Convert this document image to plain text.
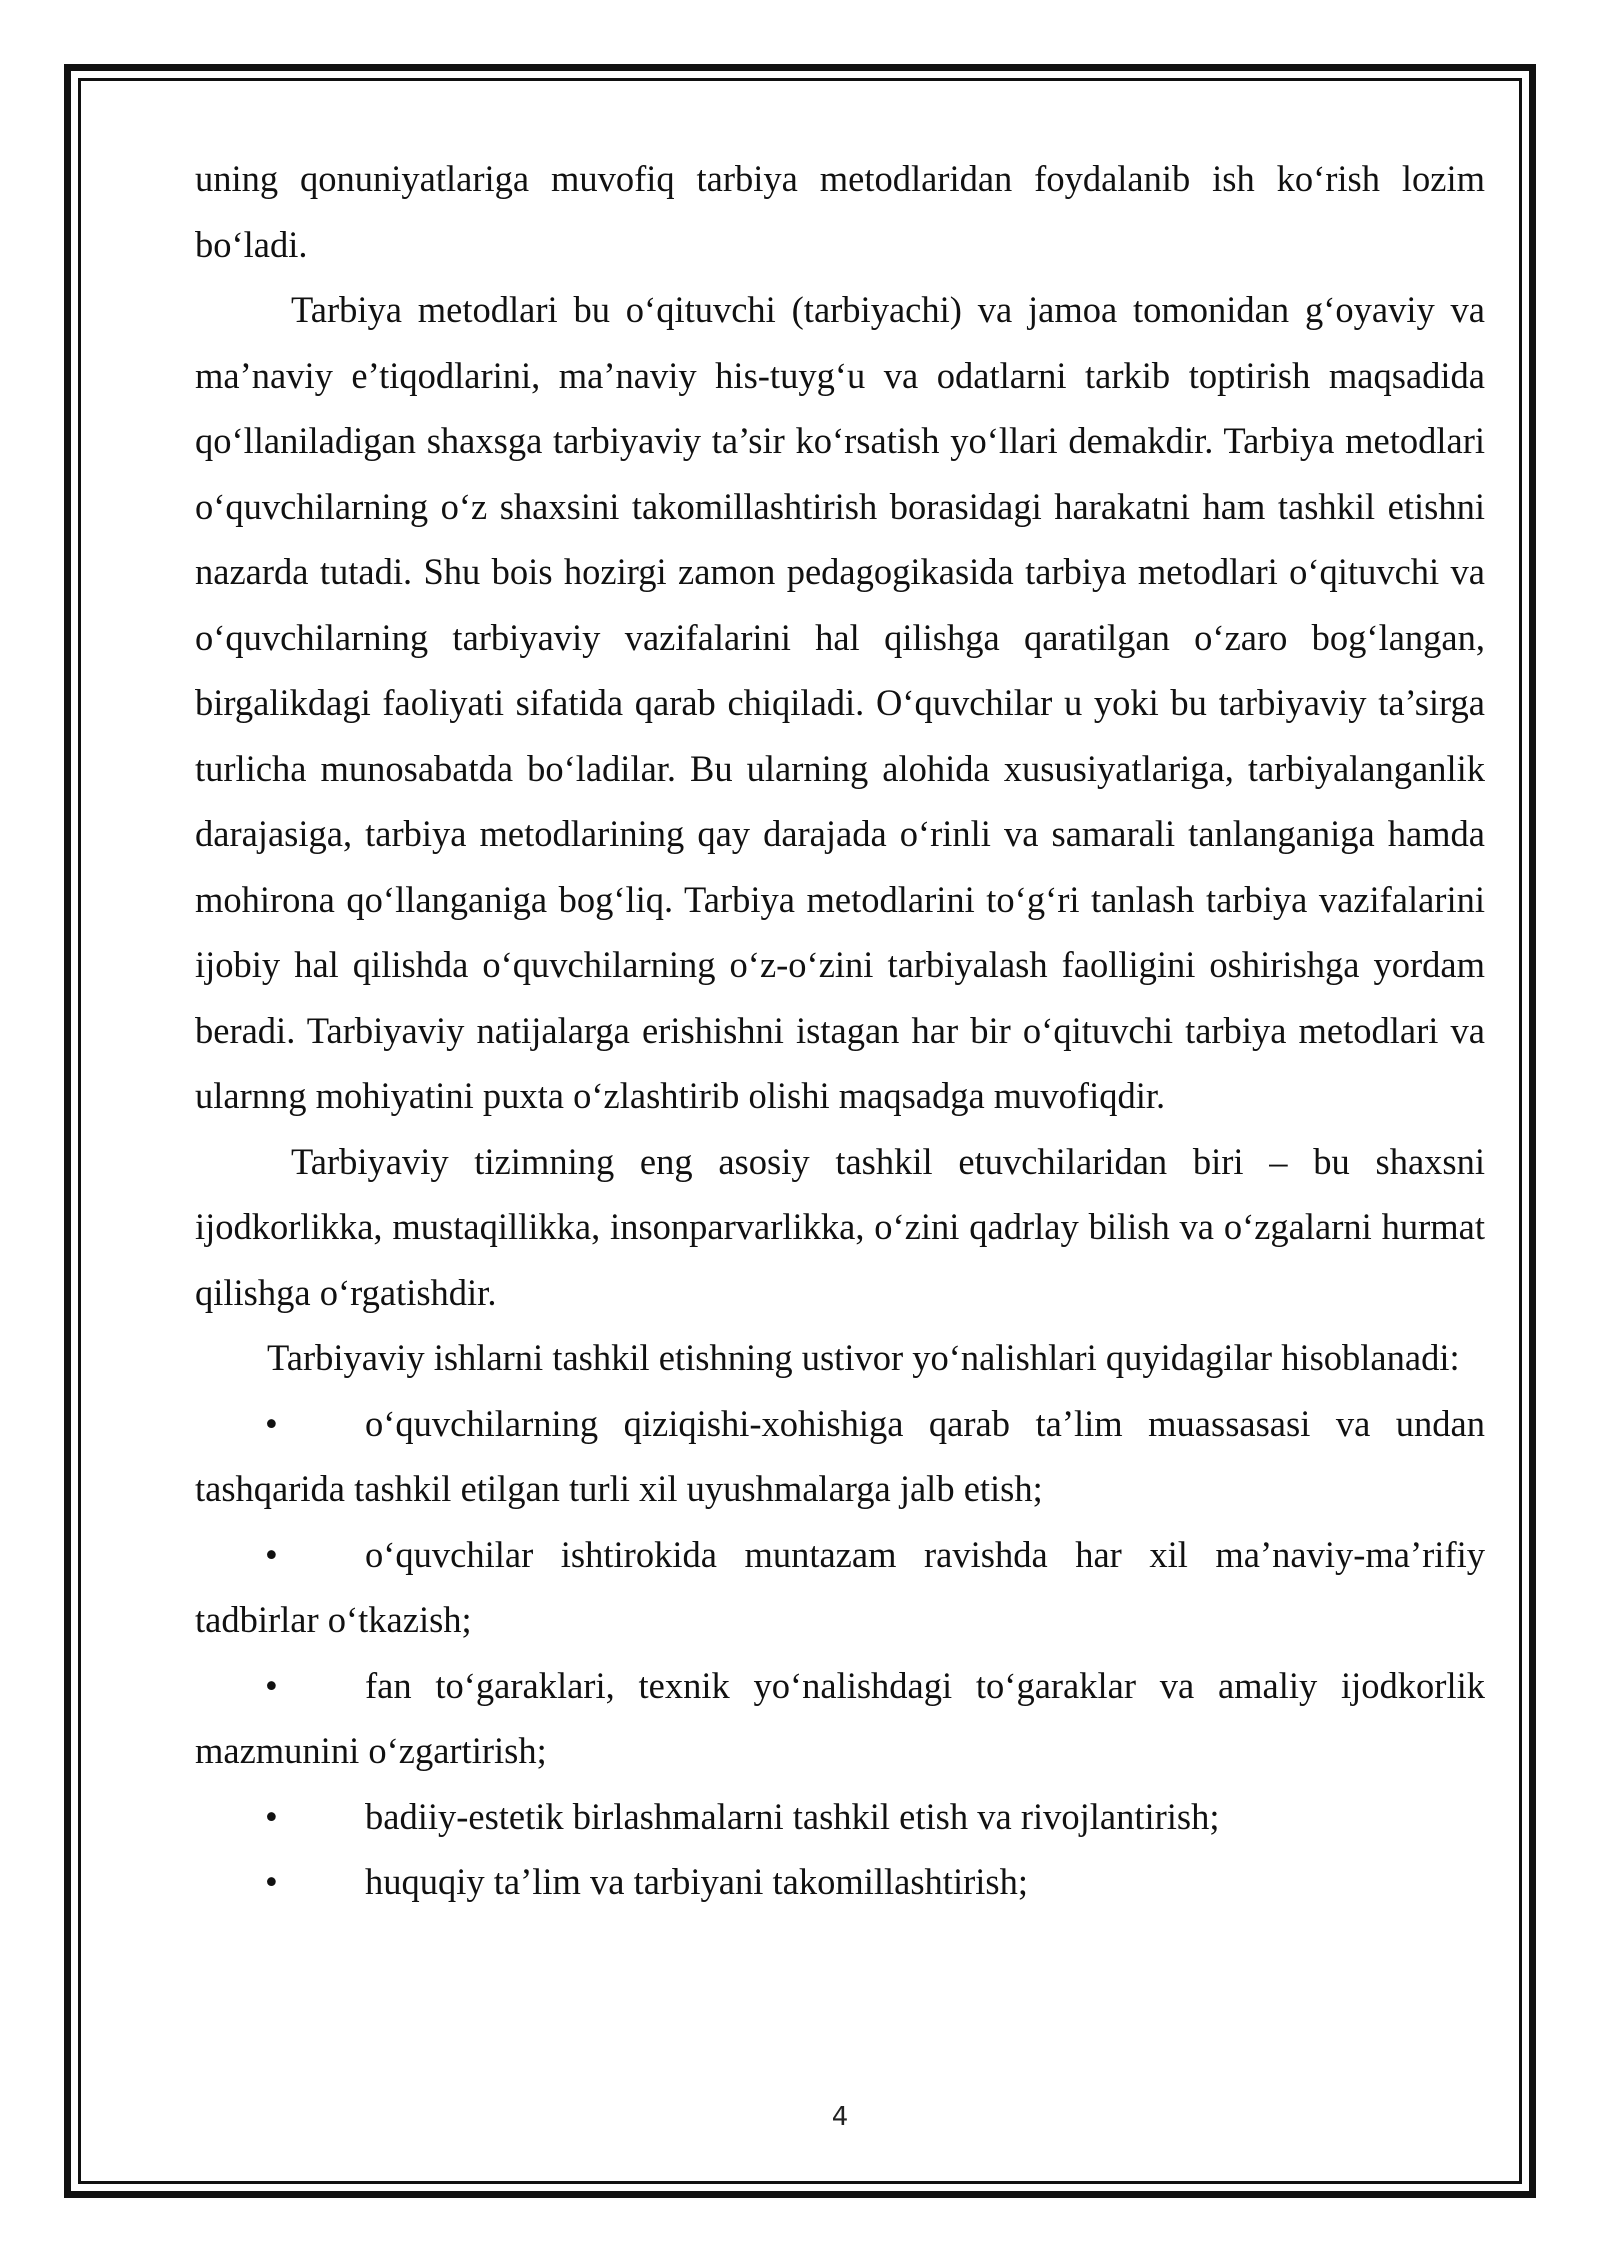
uning qonuniyatlariga muvofiq tarbiya metodlaridan foydalanib ish ko‘rish lozim bo‘ladi.

Tarbiya metodlari bu o‘qituvchi (tarbiyachi) va jamoa tomonidan g‘oyaviy va ma’naviy e’tiqodlarini, ma’naviy his-tuyg‘u va odatlarni tarkib toptirish maqsadida qo‘llaniladigan shaxsga tarbiyaviy ta’sir ko‘rsatish yo‘llari demakdir. Tarbiya metodlari o‘quvchilarning o‘z shaxsini takomillashtirish borasidagi harakatni ham tashkil etishni nazarda tutadi. Shu bois hozirgi zamon pedagogikasida tarbiya metodlari o‘qituvchi va o‘quvchilarning tarbiyaviy vazifalarini hal qilishga qaratilgan o‘zaro bog‘langan, birgalikdagi faoliyati sifatida qarab chiqiladi. O‘quvchilar u yoki bu tarbiyaviy ta’sirga turlicha munosabatda bo‘ladilar. Bu ularning alohida xususiyatlariga, tarbiyalanganlik darajasiga, tarbiya metodlarining qay darajada o‘rinli va samarali tanlanganiga hamda mohirona qo‘llanganiga bog‘liq. Tarbiya metodlarini to‘g‘ri tanlash tarbiya vazifalarini ijobiy hal qilishda o‘quvchilarning o‘z-o‘zini tarbiyalash faolligini oshirishga yordam beradi. Tarbiyaviy natijalarga erishishni istagan har bir o‘qituvchi tarbiya metodlari va ularnng mohiyatini puxta o‘zlashtirib olishi maqsadga muvofiqdir.

Tarbiyaviy tizimning eng asosiy tashkil etuvchilaridan biri – bu shaxsni ijodkorlikka, mustaqillikka, insonparvarlikka, o‘zini qadrlay bilish va o‘zgalarni hurmat qilishga o‘rgatishdir.

Tarbiyaviy ishlarni tashkil etishning ustivor yo‘nalishlari quyidagilar hisoblanadi:

• o‘quvchilarning qiziqishi-xohishiga qarab ta’lim muassasasi va undan tashqarida tashkil etilgan turli xil uyushmalarga jalb etish;
• o‘quvchilar ishtirokida muntazam ravishda har xil ma’naviy-ma’rifiy tadbirlar o‘tkazish;
• fan to‘garaklari, texnik yo‘nalishdagi to‘garaklar va amaliy ijodkorlik mazmunini o‘zgartirish;
• badiiy-estetik birlashmalarni tashkil etish va rivojlantirish;
• huquqiy ta’lim va tarbiyani takomillashtirish;
4
